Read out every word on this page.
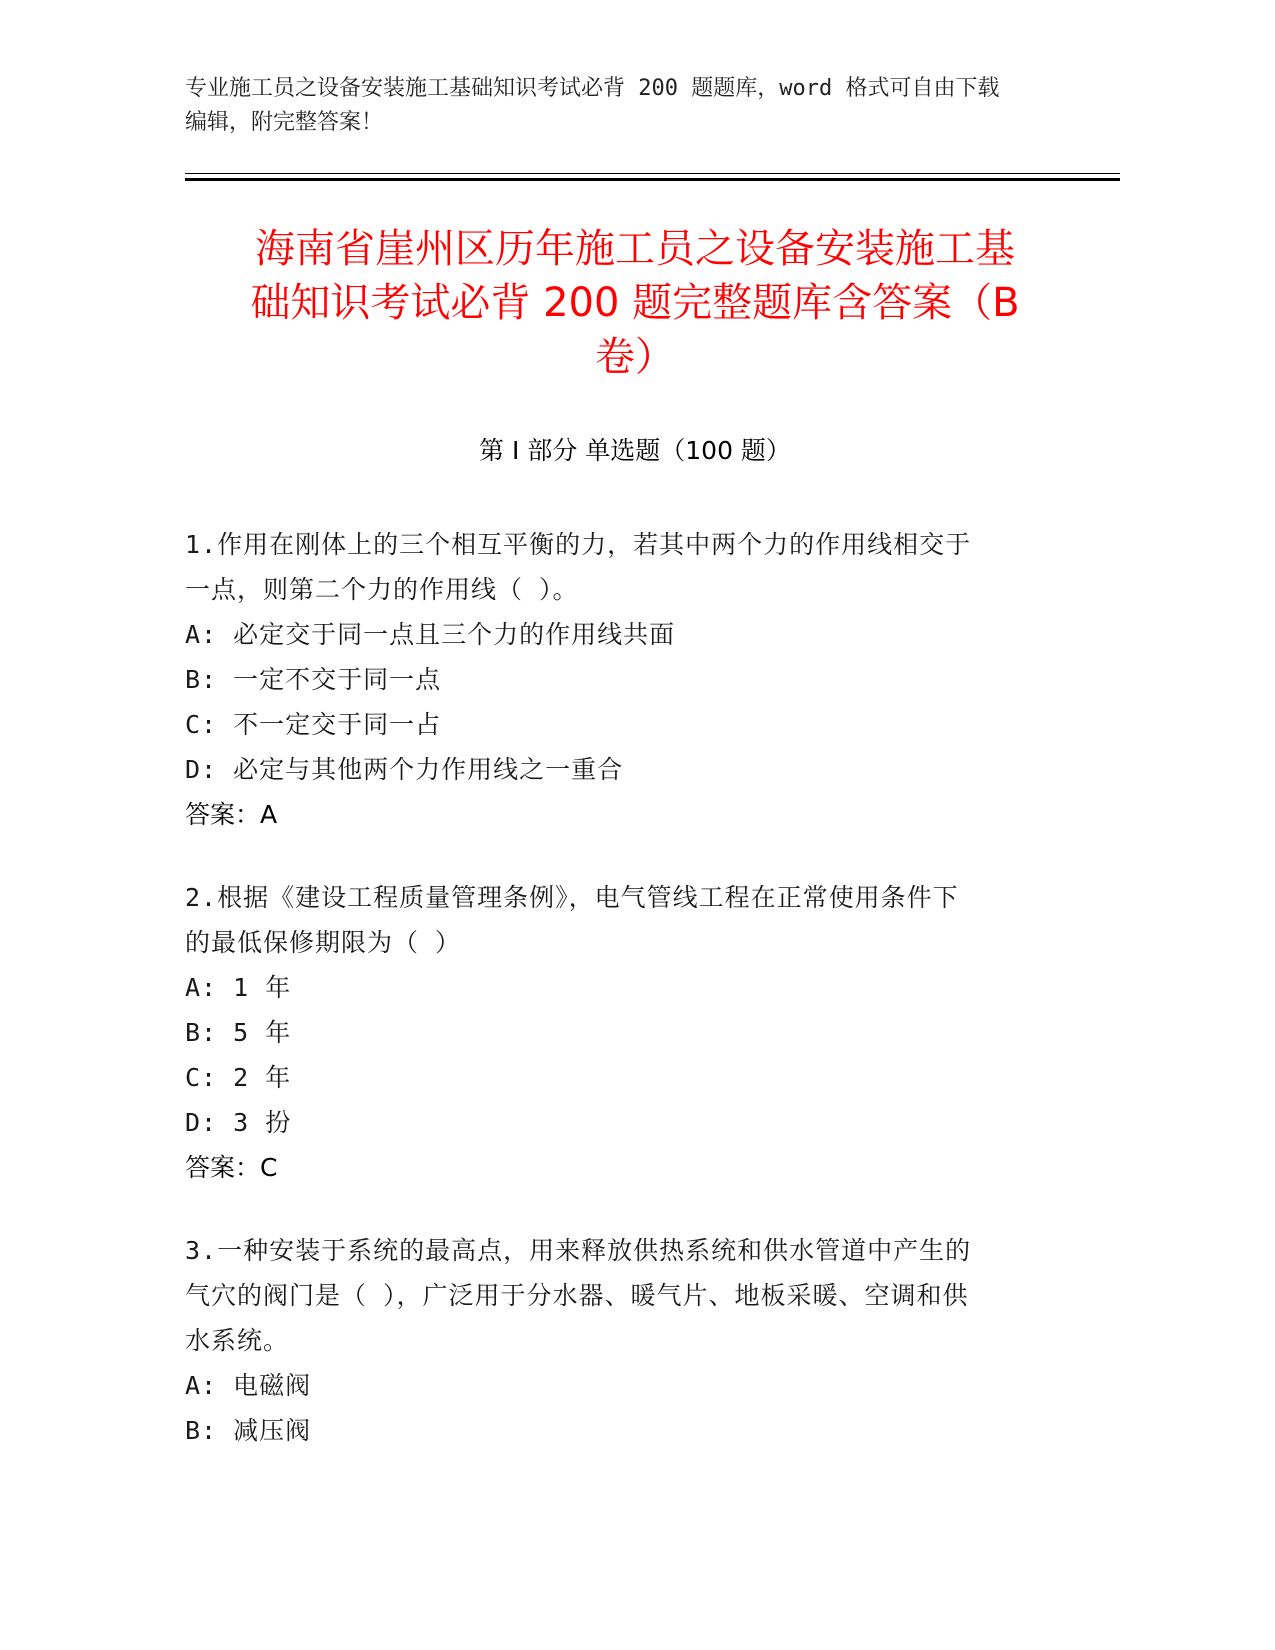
专业施工员之设备安装施工基础知识考试必背 200 题题库，word 格式可自由下载
编辑，附完整答案！
海南省崖州区历年施工员之设备安装施工基
础知识考试必背 200 题完整题库含答案（B
卷）
第 I 部分 单选题（100 题）

1.作用在刚体上的三个相互平衡的力，若其中两个力的作用线相交于

一点，则第二个力的作用线（ ）。

A: 必定交于同一点且三个力的作用线共面

B: 一定不交于同一点

C: 不一定交于同一占

D: 必定与其他两个力作用线之一重合

答案：A

2.根据《建设工程质量管理条例》，电气管线工程在正常使用条件下

的最低保修期限为（ ）

A: 1 年

B: 5 年

C: 2 年

D: 3 扮

答案：C

3.一种安装于系统的最高点，用来释放供热系统和供水管道中产生的

气穴的阀门是（ ），广泛用于分水器、暖气片、地板采暖、空调和供

水系统。

A: 电磁阀

B: 减压阀
